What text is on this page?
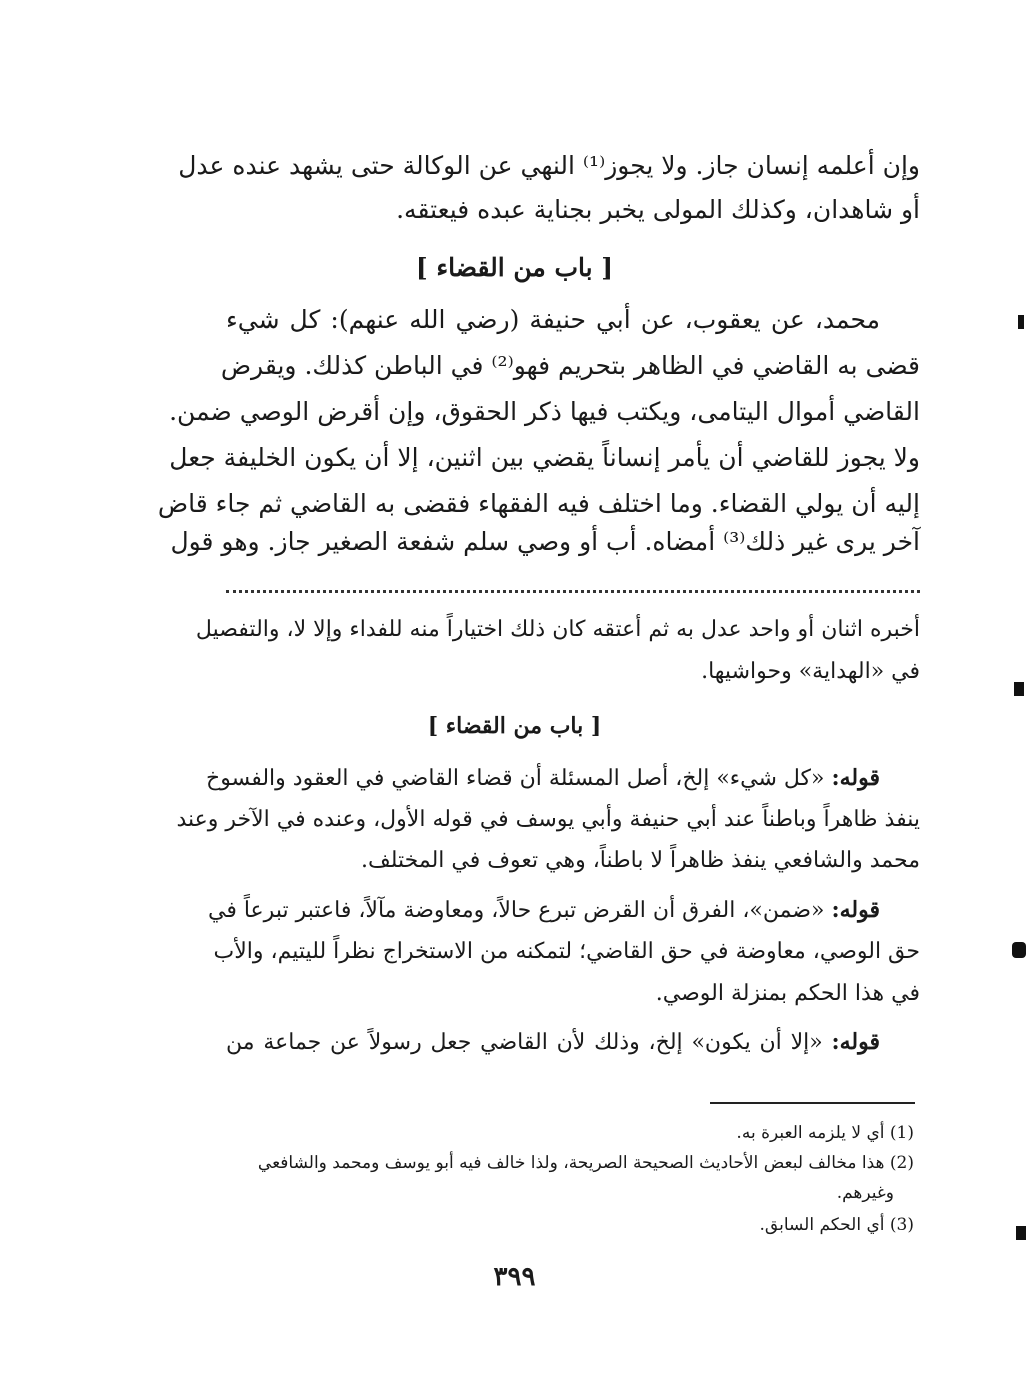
وإن أعلمه إنسان جاز. ولا يجوز⁽¹⁾ النهي عن الوكالة حتى يشهد عنده عدل
أو شاهدان، وكذلك المولى يخبر بجناية عبده فيعتقه.
[ باب من القضاء ]
محمد، عن يعقوب، عن أبي حنيفة (رضي الله عنهم): كل شيء
قضى به القاضي في الظاهر بتحريم فهو⁽²⁾ في الباطن كذلك. ويقرض
القاضي أموال اليتامى، ويكتب فيها ذكر الحقوق، وإن أقرض الوصي ضمن.
ولا يجوز للقاضي أن يأمر إنساناً يقضي بين اثنين، إلا أن يكون الخليفة جعل
إليه أن يولي القضاء. وما اختلف فيه الفقهاء فقضى به القاضي ثم جاء قاض
آخر يرى غير ذلك⁽³⁾ أمضاه. أب أو وصي سلم شفعة الصغير جاز. وهو قول
أخبره اثنان أو واحد عدل به ثم أعتقه كان ذلك اختياراً منه للفداء وإلا لا، والتفصيل
في «الهداية» وحواشيها.
[ باب من القضاء ]
قوله: «كل شيء» إلخ، أصل المسئلة أن قضاء القاضي في العقود والفسوخ
ينفذ ظاهراً وباطناً عند أبي حنيفة وأبي يوسف في قوله الأول، وعنده في الآخر وعند
محمد والشافعي ينفذ ظاهراً لا باطناً، وهي تعوف في المختلف.
قوله: «ضمن»، الفرق أن القرض تبرع حالاً، ومعاوضة مآلاً، فاعتبر تبرعاً في
حق الوصي، معاوضة في حق القاضي؛ لتمكنه من الاستخراج نظراً لليتيم، والأب
في هذا الحكم بمنزلة الوصي.
قوله: «إلا أن يكون» إلخ، وذلك لأن القاضي جعل رسولاً عن جماعة من
(1) أي لا يلزمه العبرة به.
(2) هذا مخالف لبعض الأحاديث الصحيحة الصريحة، ولذا خالف فيه أبو يوسف ومحمد والشافعي
وغيرهم.
(3) أي الحكم السابق.
٣٩٩
